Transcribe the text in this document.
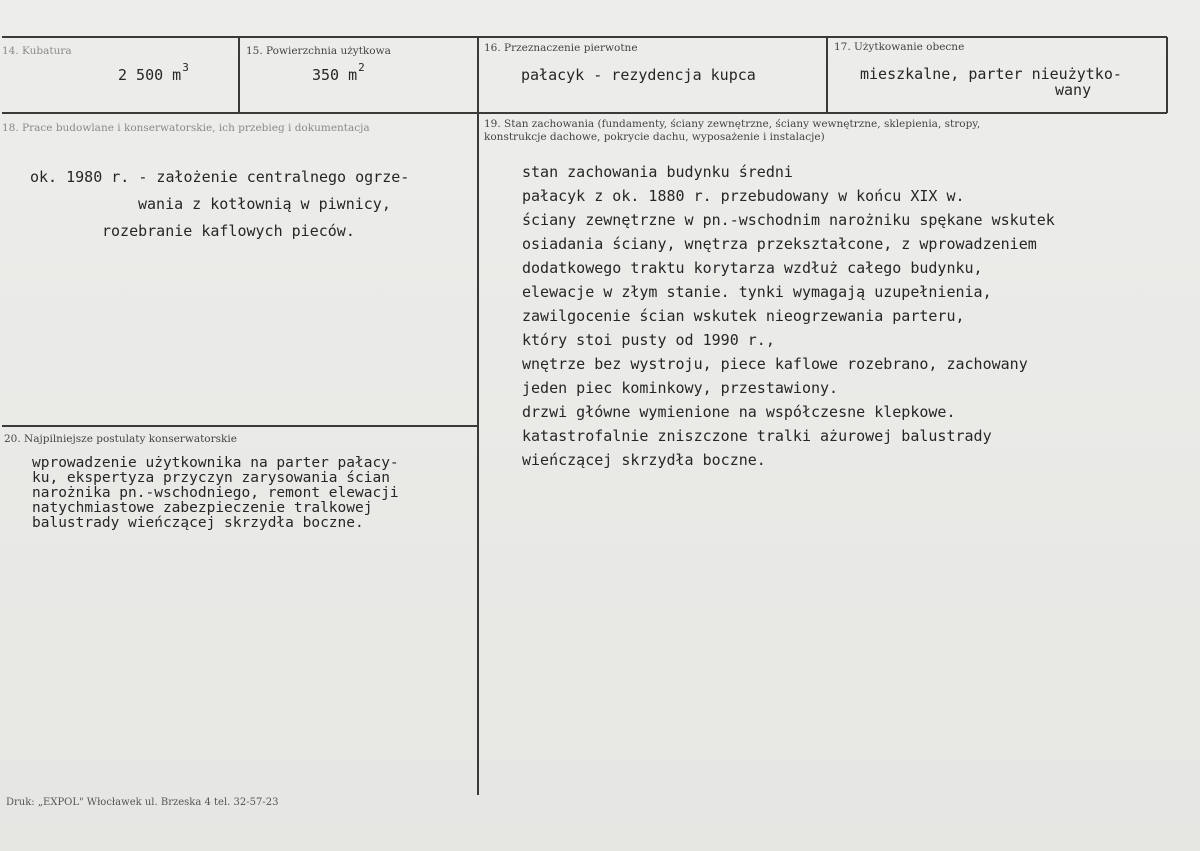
14. Kubatura
2 500 $m^3$
15. Powierzchnia użytkowa
350 $m^2$
16. Przeznaczenie pierwotne
pałacyk - rezydencja kupca
17. Użytkowanie obecne
mieszkalne, parter nieużytko-
wany
18. Prace budowlane i konserwatorskie, ich przebieg i dokumentacja
ok. 1980 r. - założenie centralnego ogrze-
wania z kotłownią w piwnicy,
rozebranie kaflowych pieców.
19. Stan zachowania (fundamenty, ściany zewnętrzne, ściany wewnętrzne, sklepienia, stropy,
konstrukcje dachowe, pokrycie dachu, wyposażenie i instalacje)
stan zachowania budynku średni
pałacyk z ok. 1880 r. przebudowany w końcu XIX w.
ściany zewnętrzne w pn.-wschodnim narożniku spękane wskutek
osiadania ściany, wnętrza przekształcone, z wprowadzeniem
dodatkowego traktu korytarza wzdłuż całego budynku,
elewacje w złym stanie. tynki wymagają uzupełnienia,
zawilgocenie ścian wskutek nieogrzewania parteru,
który stoi pusty od 1990 r.,
wnętrze bez wystroju, piece kaflowe rozebrano, zachowany
jeden piec kominkowy, przestawiony.
drzwi główne wymienione na współczesne klepkowe.
katastrofalnie zniszczone tralki ażurowej balustrady
wieńczącej skrzydła boczne.
20. Najpilniejsze postulaty konserwatorskie
wprowadzenie użytkownika na parter pałacy-
ku, ekspertyza przyczyn zarysowania ścian
narożnika pn.-wschodniego, remont elewacji
natychmiastowe zabezpieczenie tralkowej
balustrady wieńczącej skrzydła boczne.
Druk: „EXPOL" Włocławek ul. Brzeska 4 tel. 32-57-23
